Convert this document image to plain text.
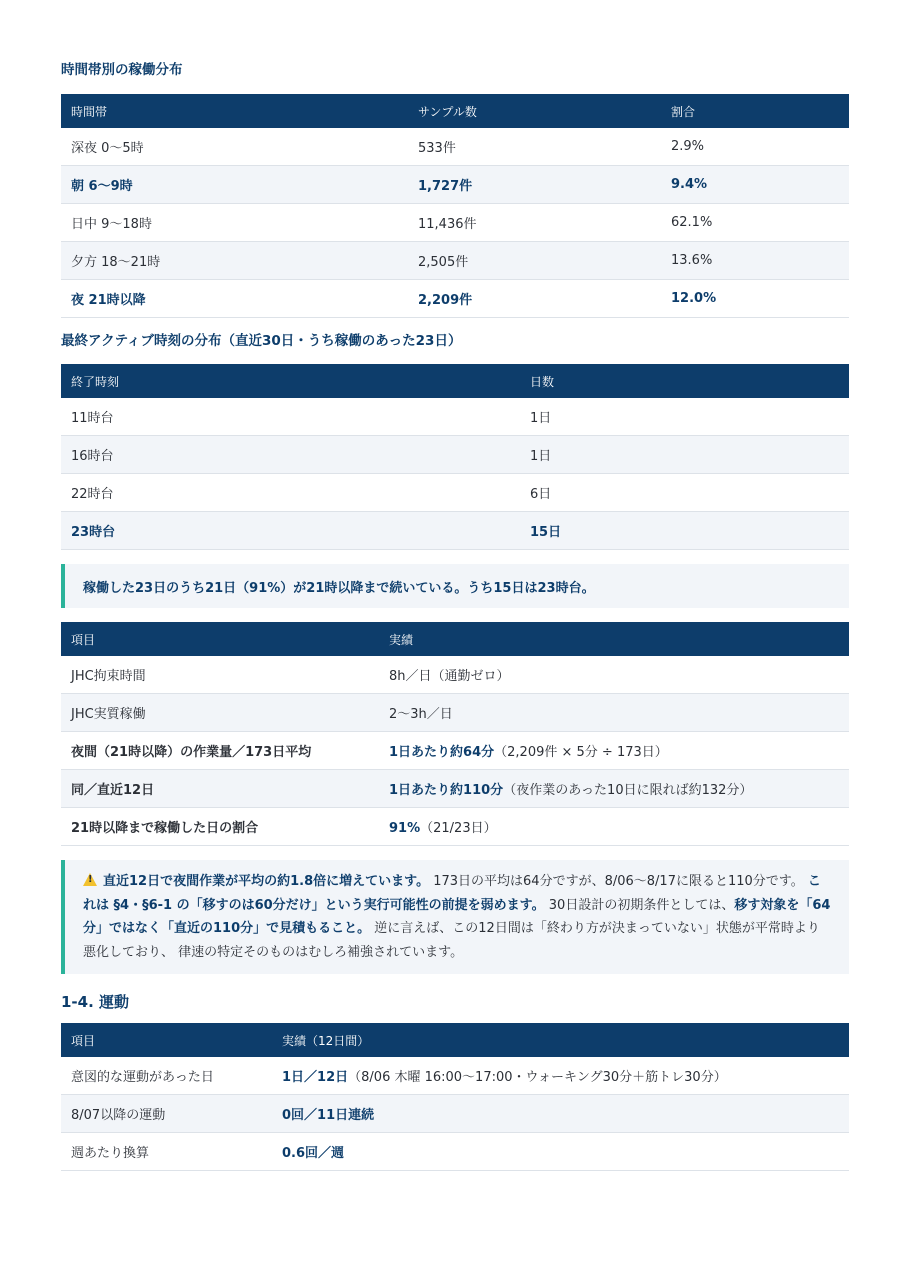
時間帯別の稼働分布
時間帯	サンプル数	割合
深夜 0〜5時	533件	2.9%
朝 6〜9時	1,727件	9.4%
日中 9〜18時	11,436件	62.1%
夕方 18〜21時	2,505件	13.6%
夜 21時以降	2,209件	12.0%
最終アクティブ時刻の分布（直近30日・うち稼働のあった23日）
終了時刻	日数
11時台	1日
16時台	1日
22時台	6日
23時台	15日
稼働した23日のうち21日（91%）が21時以降まで続いている。うち15日は23時台。
項目	実績
JHC拘束時間	8h／日（通勤ゼロ）
JHC実質稼働	2〜3h／日
夜間（21時以降）の作業量／173日平均	1日あたり約64分（2,209件 × 5分 ÷ 173日）
同／直近12日	1日あたり約110分（夜作業のあった10日に限れば約132分）
21時以降まで稼働した日の割合	91%（21/23日）
!直近12日で夜間作業が平均の約1.8倍に増えています。 173日の平均は64分ですが、8/06〜8/17に限ると110分です。 これは §4・§6-1 の「移すのは60分だけ」という実行可能性の前提を弱めます。 30日設計の初期条件としては、移す対象を「64分」ではなく「直近の110分」で見積もること。 逆に言えば、この12日間は「終わり方が決まっていない」状態が平常時より悪化しており、 律速の特定そのものはむしろ補強されています。
1-4. 運動
項目	実績（12日間）
意図的な運動があった日	1日／12日（8/06 木曜 16:00〜17:00・ウォーキング30分＋筋トレ30分）
8/07以降の運動	0回／11日連続
週あたり換算	0.6回／週
